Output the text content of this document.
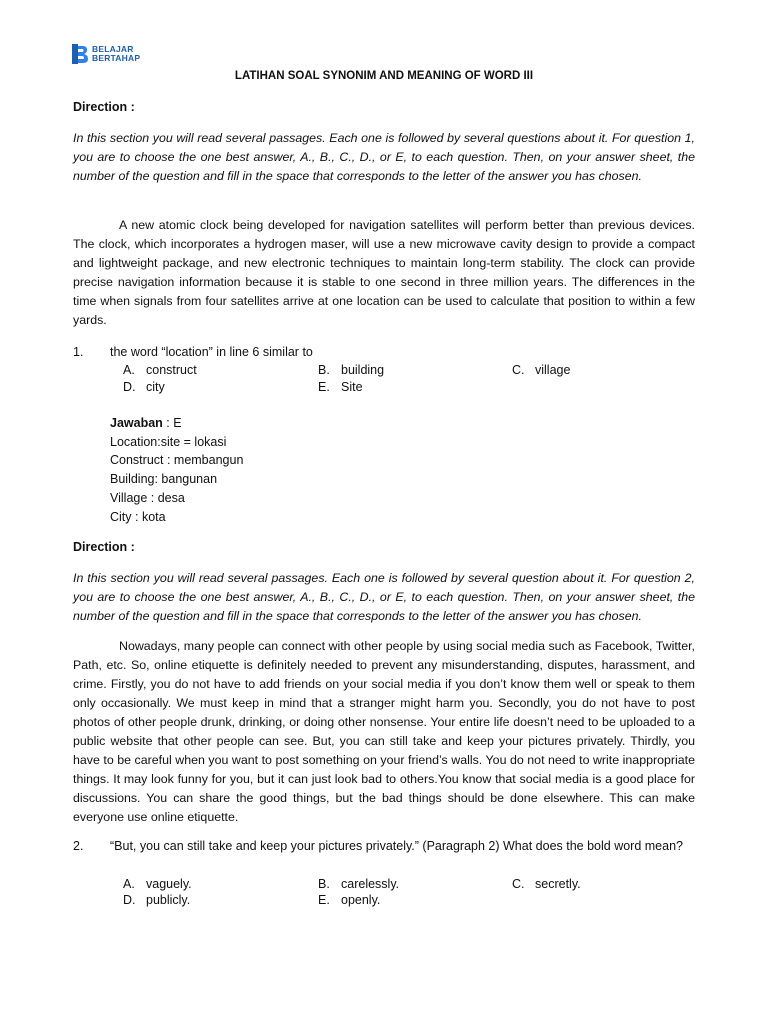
BELAJAR
BERTAHAP
LATIHAN SOAL SYNONIM AND MEANING OF WORD III
Direction :

In this section you will read several passages. Each one is followed by several questions about it. For question 1, you are to choose the one best answer, A., B., C., D., or E, to each question. Then, on your answer sheet, the number of the question and fill in the space that corresponds to the letter of the answer you has chosen.

A new atomic clock being developed for navigation satellites will perform better than previous devices. The clock, which incorporates a hydrogen maser, will use a new microwave cavity design to provide a compact and lightweight package, and new electronic techniques to maintain long-term stability. The clock can provide precise navigation information because it is stable to one second in three million years. The differences in the time when signals from four satellites arrive at one location can be used to calculate that position to within a few yards.

1. the word “location” in line 6 similar to
A. construct	B. building	C. village
D. city	E. Site
Jawaban : E
Location:site = lokasi
Construct : membangun
Building: bangunan
Village : desa
City : kota
Direction :

In this section you will read several passages. Each one is followed by several question about it. For question 2, you are to choose the one best answer, A., B., C., D., or E, to each question. Then, on your answer sheet, the number of the question and fill in the space that corresponds to the letter of the answer you has chosen.

Nowadays, many people can connect with other people by using social media such as Facebook, Twitter, Path, etc. So, online etiquette is definitely needed to prevent any misunderstanding, disputes, harassment, and crime. Firstly, you do not have to add friends on your social media if you don’t know them well or speak to them only occasionally. We must keep in mind that a stranger might harm you. Secondly, you do not have to post photos of other people drunk, drinking, or doing other nonsense. Your entire life doesn’t need to be uploaded to a public website that other people can see. But, you can still take and keep your pictures privately. Thirdly, you have to be careful when you want to post something on your friend’s walls. You do not need to write inappropriate things. It may look funny for you, but it can just look bad to others.You know that social media is a good place for discussions. You can share the good things, but the bad things should be done elsewhere. This can make everyone use online etiquette.

2. “But, you can still take and keep your pictures privately.” (Paragraph 2) What does the bold word mean?
A. vaguely.	B. carelessly.	C. secretly.
D. publicly.	E. openly.
